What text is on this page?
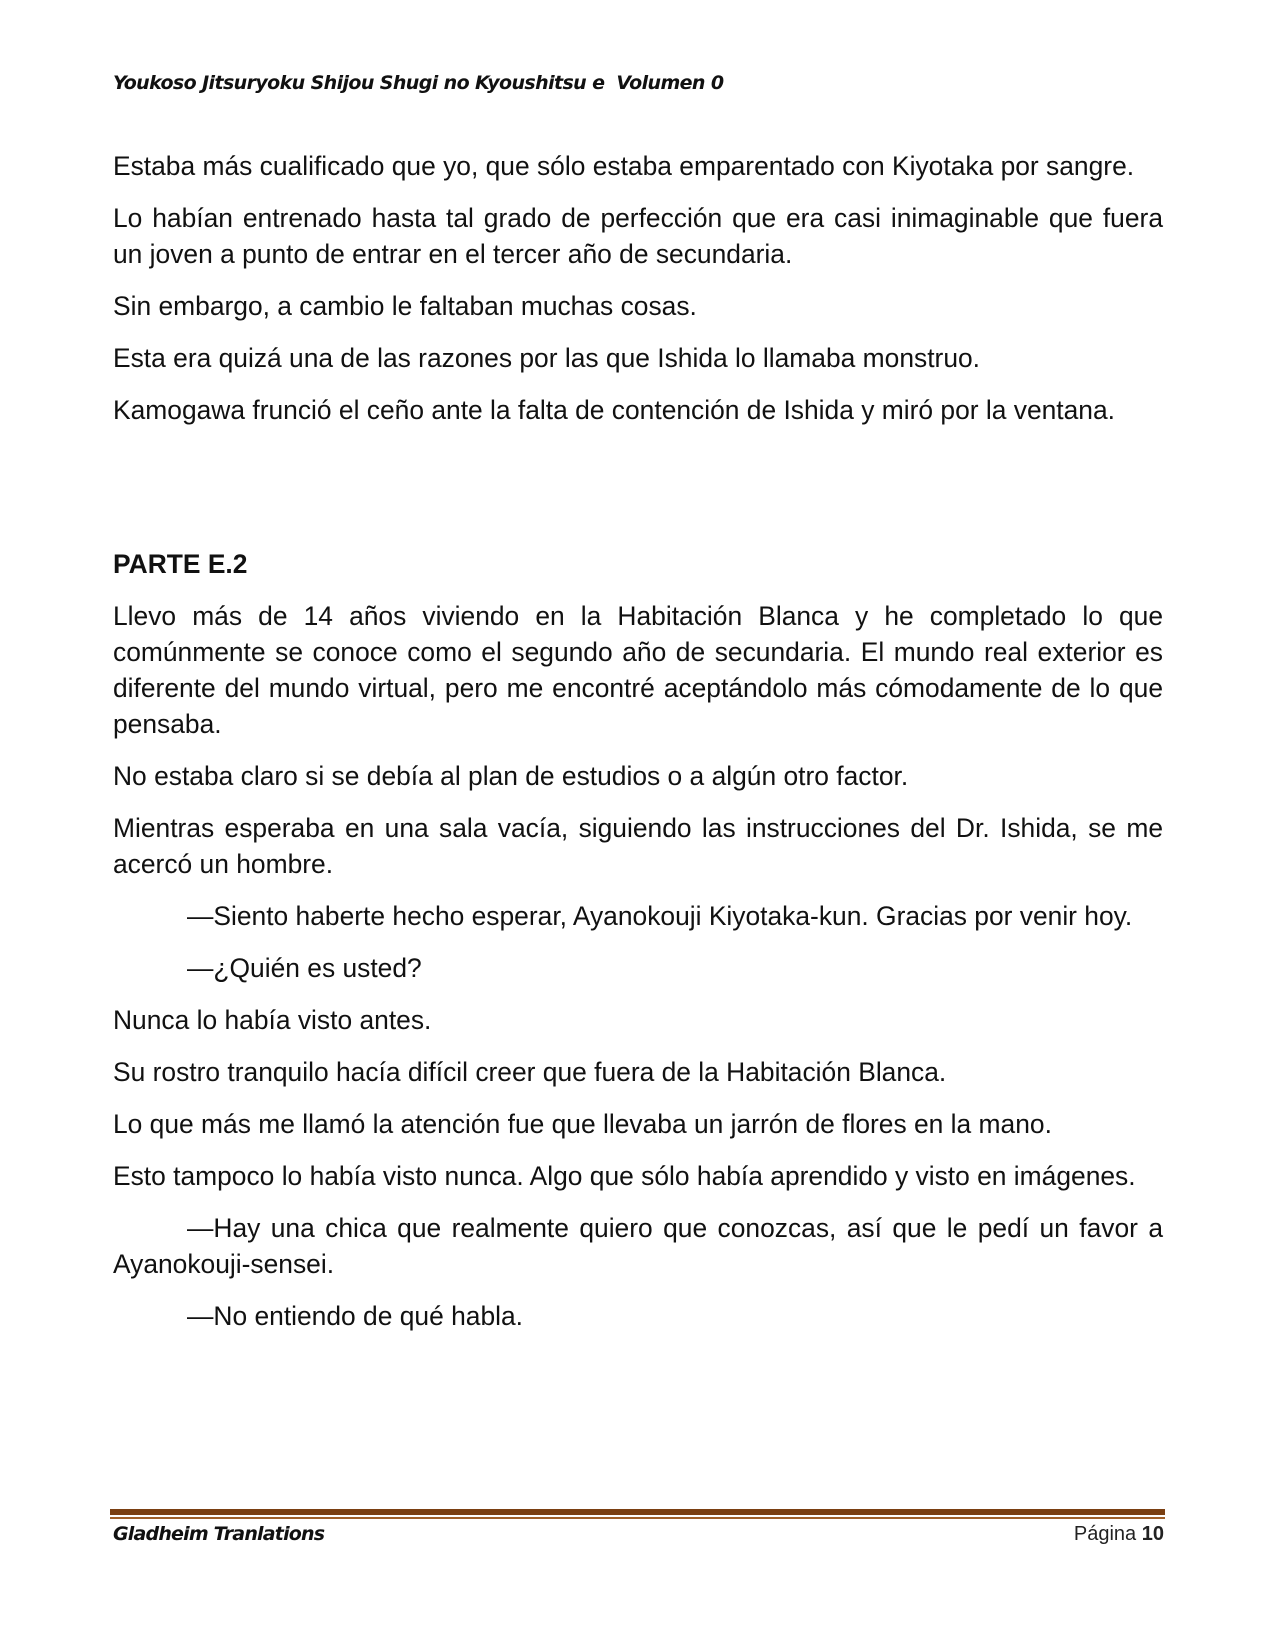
Youkoso Jitsuryoku Shijou Shugi no Kyoushitsu e  Volumen 0

Estaba más cualificado que yo, que sólo estaba emparentado con Kiyotaka por sangre.

Lo habían entrenado hasta tal grado de perfección que era casi inimaginable que fuera un joven a punto de entrar en el tercer año de secundaria.

Sin embargo, a cambio le faltaban muchas cosas.

Esta era quizá una de las razones por las que Ishida lo llamaba monstruo.

Kamogawa frunció el ceño ante la falta de contención de Ishida y miró por la ventana.

PARTE E.2

Llevo más de 14 años viviendo en la Habitación Blanca y he completado lo que comúnmente se conoce como el segundo año de secundaria. El mundo real exterior es diferente del mundo virtual, pero me encontré aceptándolo más cómodamente de lo que pensaba.

No estaba claro si se debía al plan de estudios o a algún otro factor.

Mientras esperaba en una sala vacía, siguiendo las instrucciones del Dr. Ishida, se me acercó un hombre.

—Siento haberte hecho esperar, Ayanokouji Kiyotaka-kun. Gracias por venir hoy.

—¿Quién es usted?

Nunca lo había visto antes.

Su rostro tranquilo hacía difícil creer que fuera de la Habitación Blanca.

Lo que más me llamó la atención fue que llevaba un jarrón de flores en la mano.

Esto tampoco lo había visto nunca. Algo que sólo había aprendido y visto en imágenes.

—Hay una chica que realmente quiero que conozcas, así que le pedí un favor a Ayanokouji-sensei.

—No entiendo de qué habla.

Gladheim Tranlations	Página 10
